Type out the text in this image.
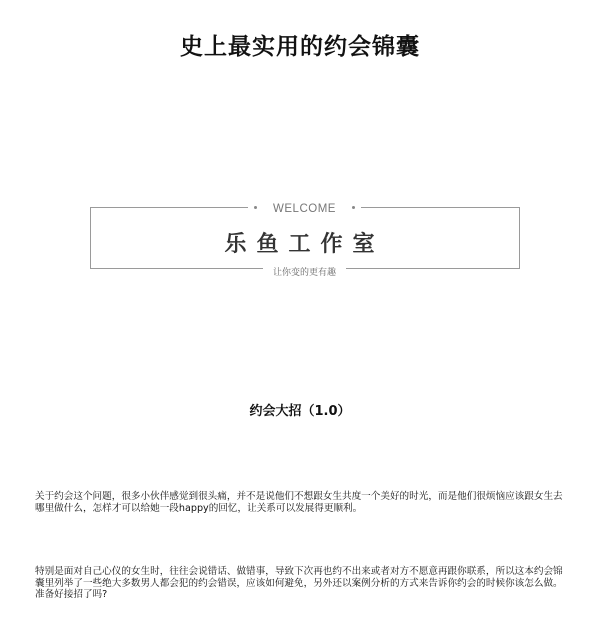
史上最实用的约会锦囊
WELCOME
乐鱼工作室
让你变的更有趣
约会大招（1.0）
关于约会这个问题，很多小伙伴感觉到很头痛，并不是说他们不想跟女生共度一个美好的时光，而是他们很烦恼应该跟女生去哪里做什么，怎样才可以给她一段happy的回忆，让关系可以发展得更顺利。
特别是面对自己心仪的女生时，往往会说错话、做错事，导致下次再也约不出来或者对方不愿意再跟你联系，所以这本约会锦囊里列举了一些绝大多数男人都会犯的约会错误，应该如何避免，另外还以案例分析的方式来告诉你约会的时候你该怎么做。准备好接招了吗?
